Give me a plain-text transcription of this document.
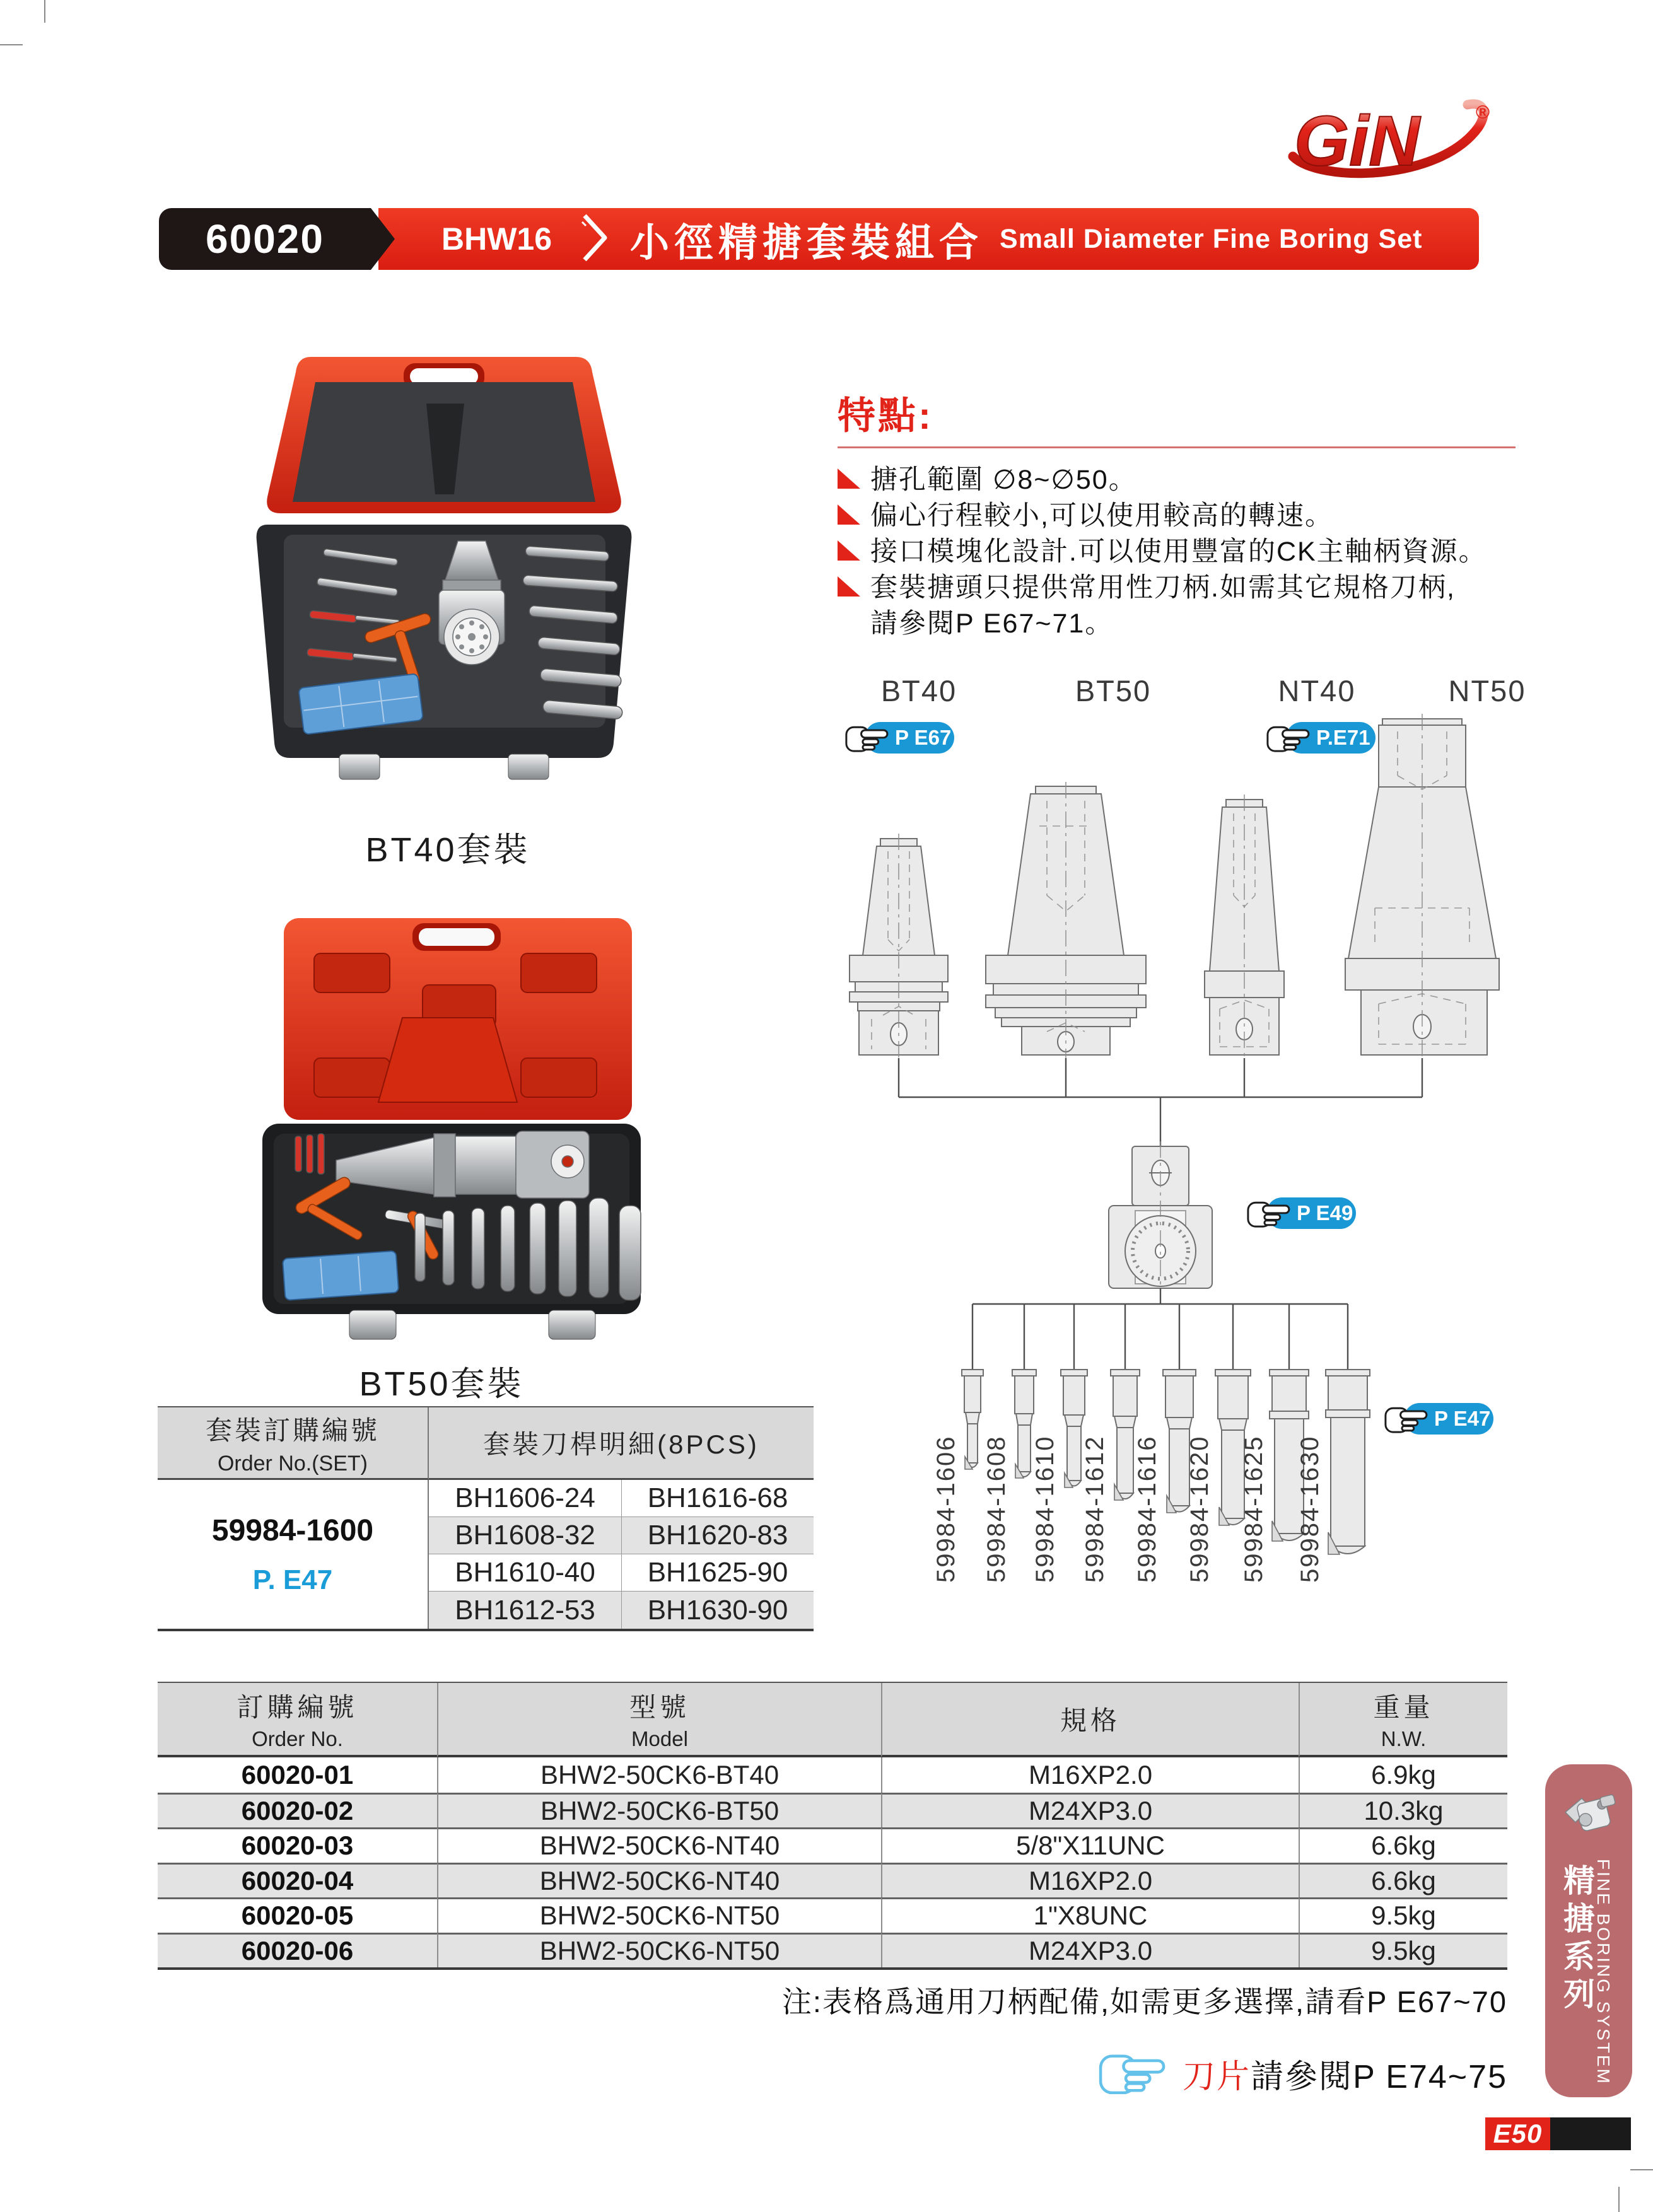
GiN	®
BHW16 小徑精搪套裝組合 Small Diameter Fine Boring Set
60020
BT40套裝
BT50套裝
特點:
搪孔範圍 ∅8~∅50。
偏心行程較小,可以使用較高的轉速。
接口模塊化設計.可以使用豐富的CK主軸柄資源。
套裝搪頭只提供常用性刀柄.如需其它規格刀柄,
請參閱P E67~71。
BT40	BT50	NT40	NT50
P E67	P.E71
P E49
P E47
59984-1606 59984-1608 59984-1610 59984-1612 59984-1616 59984-1620 59984-1625 59984-1630
套裝訂購編號
Order No.(SET)
套裝刀桿明細(8PCS)
59984-1600
P. E47
BH1606-24	BH1616-68
BH1608-32	BH1620-83
BH1610-40	BH1625-90
BH1612-53	BH1630-90
訂購編號
Order No.
型號
Model
規格	重量
N.W.
60020-01	BHW2-50CK6-BT40	M16XP2.0	6.9kg
60020-02	BHW2-50CK6-BT50	M24XP3.0	10.3kg
60020-03	BHW2-50CK6-NT40	5/8"X11UNC	6.6kg
60020-04	BHW2-50CK6-NT40	M16XP2.0	6.6kg
60020-05	BHW2-50CK6-NT50	1"X8UNC	9.5kg
60020-06	BHW2-50CK6-NT50	M24XP3.0	9.5kg
注:表格爲通用刀柄配備,如需更多選擇,請看P E67~70
刀片請參閱P E74~75
精搪系列 FINE BORING SYSTEM
E50
